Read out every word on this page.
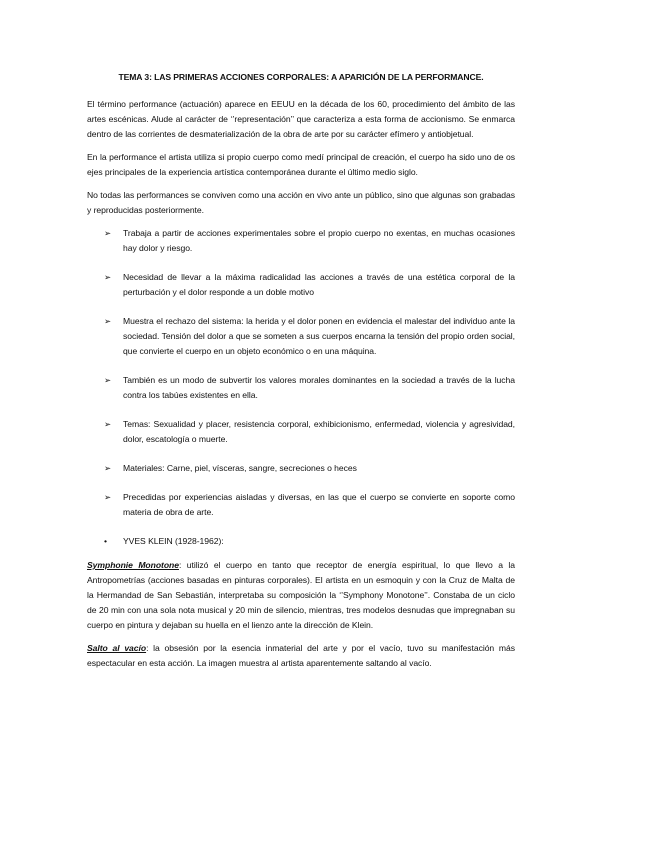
TEMA 3: LAS PRIMERAS ACCIONES CORPORALES: A APARICIÓN DE LA PERFORMANCE.

El término performance (actuación) aparece en EEUU en la década de los 60, procedimiento del ámbito de las artes escénicas. Alude al carácter de ‘’representación’’ que caracteriza a esta forma de accionismo. Se enmarca dentro de las corrientes de desmaterialización de la obra de arte por su carácter efímero y antiobjetual.

En la performance el artista utiliza si propio cuerpo como medí principal de creación, el cuerpo ha sido uno de os ejes principales de la experiencia artística contemporánea durante el último medio siglo.

No todas las performances se conviven como una acción en vivo ante un público, sino que algunas son grabadas y reproducidas posteriormente.

➢ Trabaja a partir de acciones experimentales sobre el propio cuerpo no exentas, en muchas ocasiones hay dolor y riesgo.
➢ Necesidad de llevar a la máxima radicalidad las acciones a través de una estética corporal de la perturbación y el dolor responde a un doble motivo
➢ Muestra el rechazo del sistema: la herida y el dolor ponen en evidencia el malestar del individuo ante la sociedad. Tensión del dolor a que se someten a sus cuerpos encarna la tensión del propio orden social, que convierte el cuerpo en un objeto económico o en una máquina.
➢ También es un modo de subvertir los valores morales dominantes en la sociedad a través de la lucha contra los tabúes existentes en ella.
➢ Temas: Sexualidad y placer, resistencia corporal, exhibicionismo, enfermedad, violencia y agresividad, dolor, escatología o muerte.
➢ Materiales: Carne, piel, vísceras, sangre, secreciones o heces
➢ Precedidas por experiencias aisladas y diversas, en las que el cuerpo se convierte en soporte como materia de obra de arte.
• YVES KLEIN (1928-1962):

Symphonie Monotone: utilizó el cuerpo en tanto que receptor de energía espiritual, lo que llevo a la Antropometrías (acciones basadas en pinturas corporales). El artista en un esmoquin y con la Cruz de Malta de la Hermandad de San Sebastián, interpretaba su composición la ‘’Symphony Monotone’’. Constaba de un ciclo de 20 min con una sola nota musical y 20 min de silencio, mientras, tres modelos desnudas que impregnaban su cuerpo en pintura y dejaban su huella en el lienzo ante la dirección de Klein.

Salto al vacío: la obsesión por la esencia inmaterial del arte y por el vacío, tuvo su manifestación más espectacular en esta acción. La imagen muestra al artista aparentemente saltando al vacío.
